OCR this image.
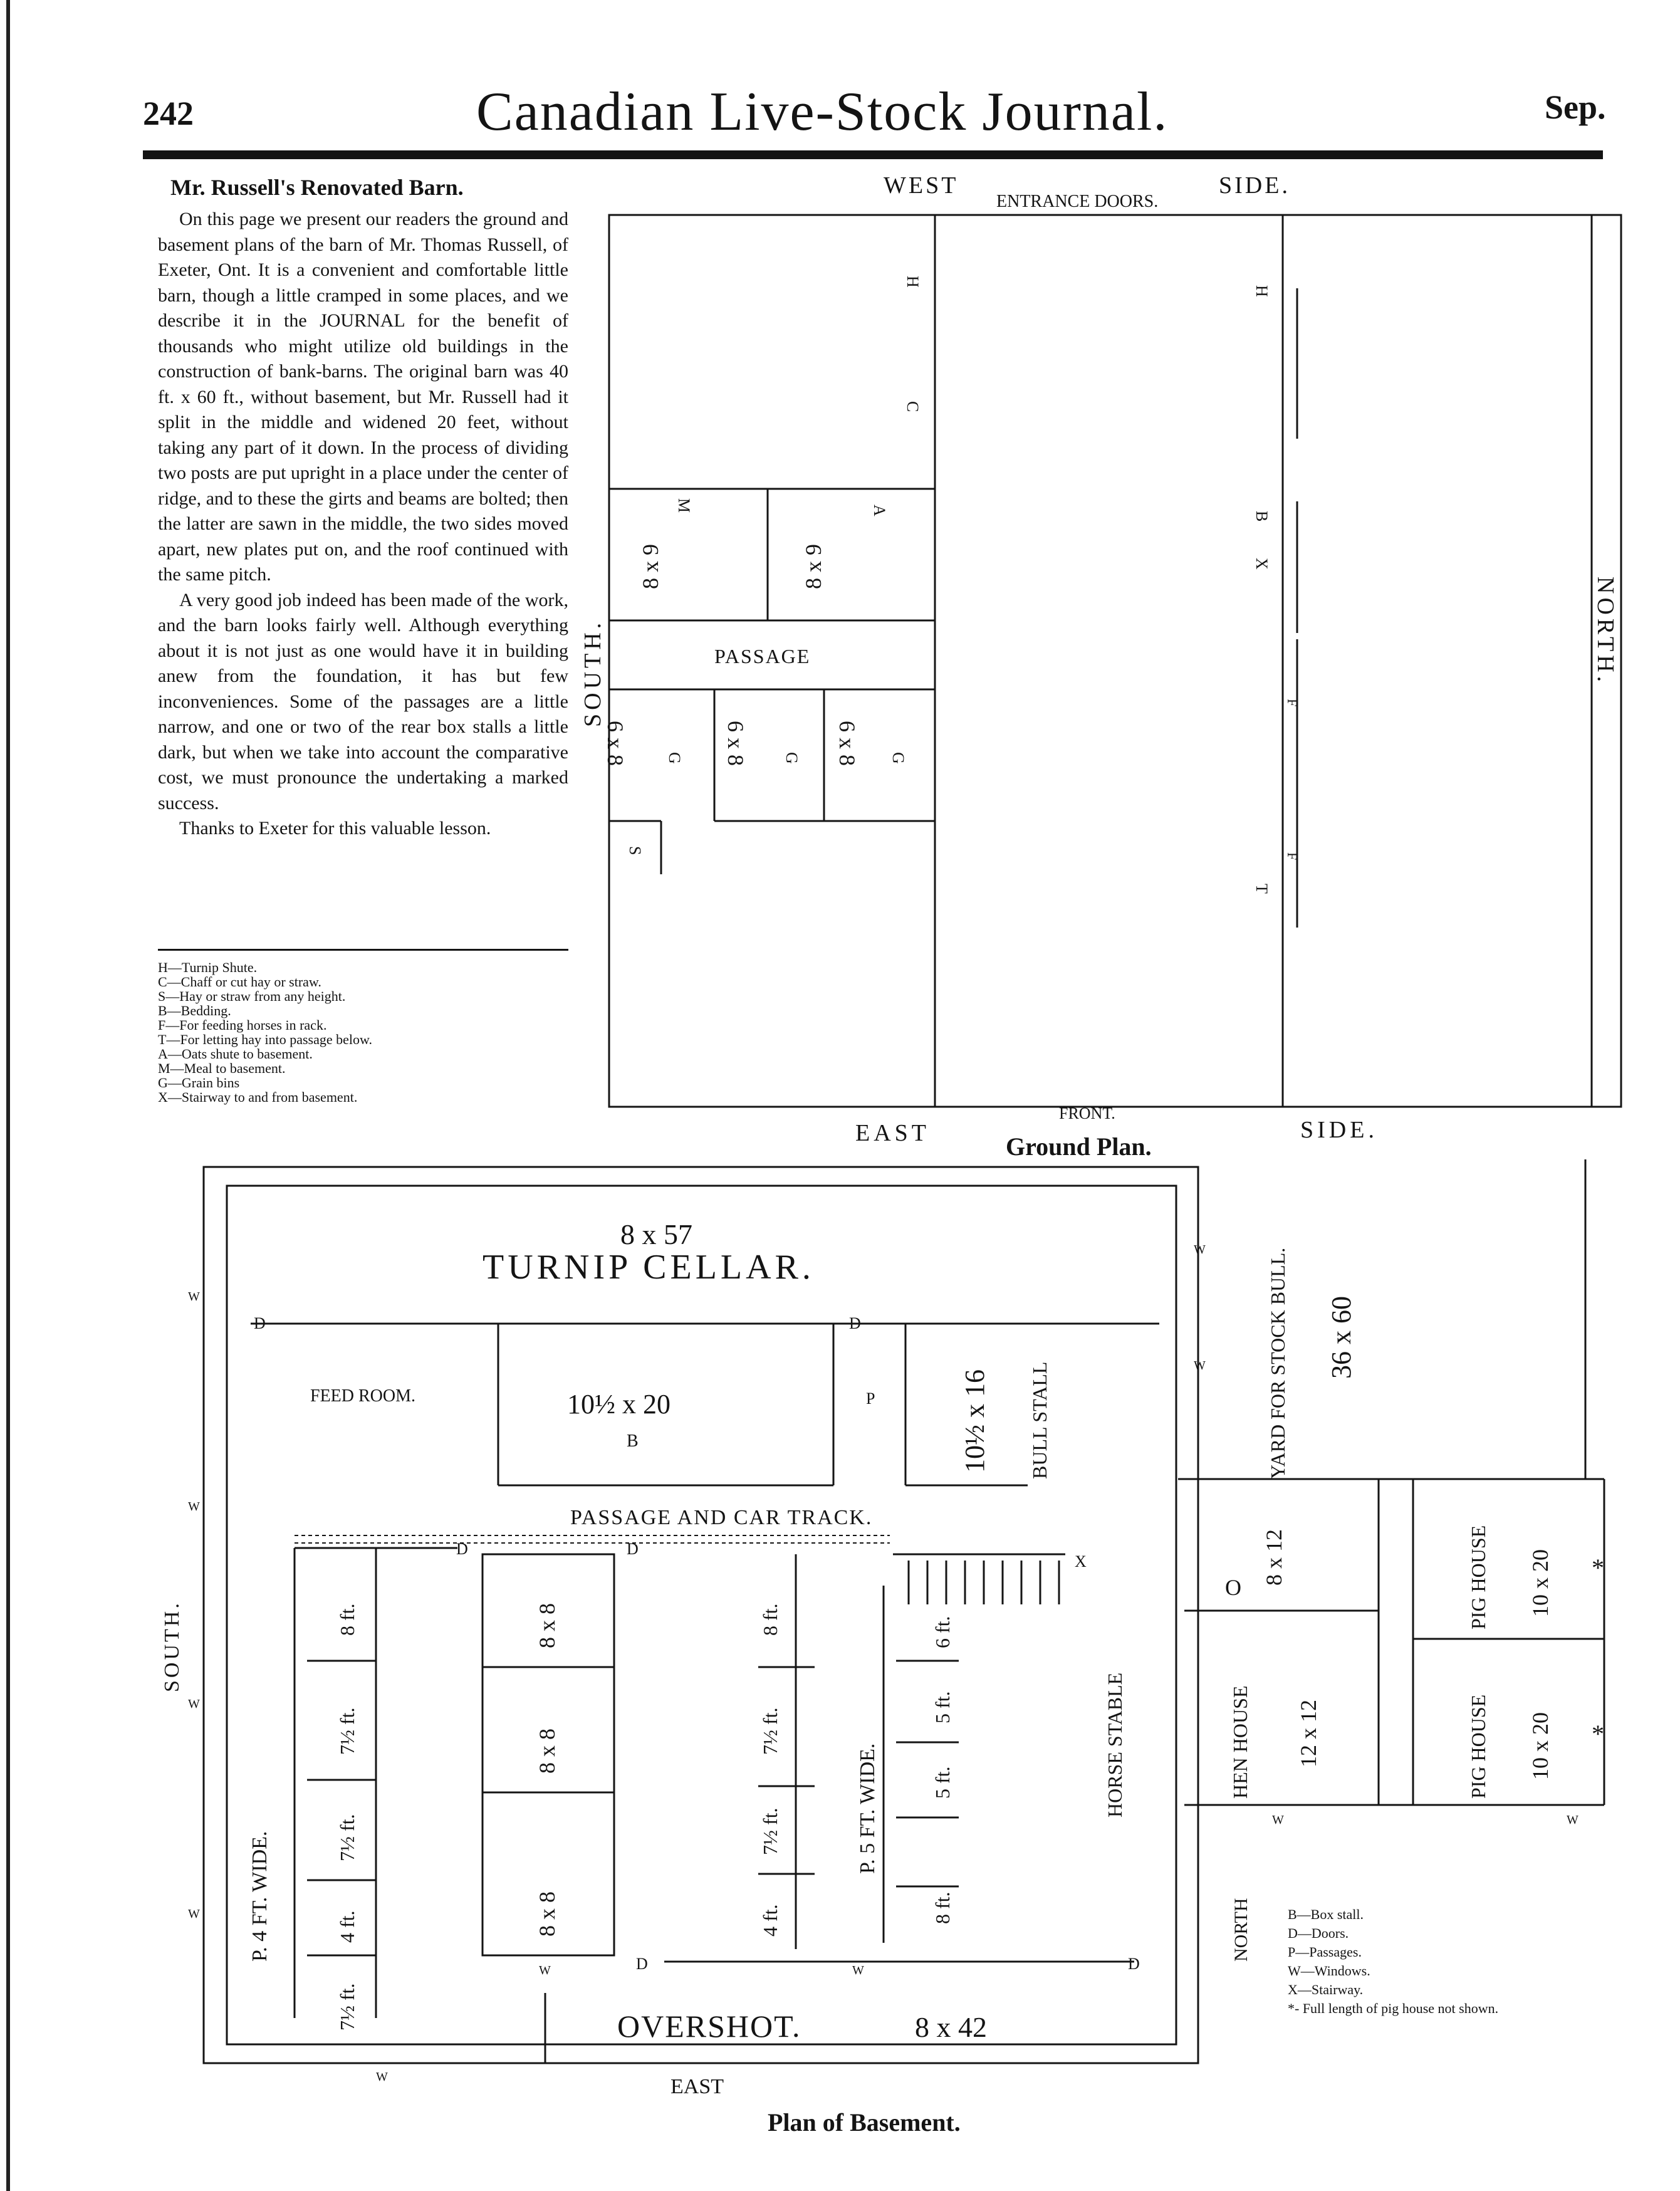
242	Canadian Live-Stock Journal.	Sep.
Mr. Russell's Renovated Barn.

On this page we present our readers the ground and basement plans of the barn of Mr. Thomas Russell, of Exeter, Ont. It is a convenient and comfortable little barn, though a little cramped in some places, and we describe it in the JOURNAL for the benefit of thousands who might utilize old buildings in the construction of bank-barns. The original barn was 40 ft. x 60 ft., without basement, but Mr. Russell had it split in the middle and widened 20 feet, without taking any part of it down. In the process of dividing two posts are put upright in a place under the center of ridge, and to these the girts and beams are bolted; then the latter are sawn in the middle, the two sides moved apart, new plates put on, and the roof continued with the same pitch.

A very good job indeed has been made of the work, and the barn looks fairly well. Although everything about it is not just as one would have it in building anew from the foundation, it has but few inconveniences. Some of the passages are a little narrow, and one or two of the rear box stalls a little dark, but when we take into account the comparative cost, we must pronounce the undertaking a marked success.

Thanks to Exeter for this valuable lesson.

H—Turnip Shute.
C—Chaff or cut hay or straw.
S—Hay or straw from any height.
B—Bedding.
F—For feeding horses in rack.
T—For letting hay into passage below.
A—Oats shute to basement.
M—Meal to basement.
G—Grain bins
X—Stairway to and from basement.
WEST
ENTRANCE DOORS.
SIDE.
EAST
FRONT.
SIDE.
Ground Plan.
SOUTH.	NORTH.
PASSAGE
8 x 9	8 x 9
6 x 8	6 x 8	6 x 8
G	G	G
H
C
A
M
S
H
B
X
F
F
T
8 x 57
TURNIP CELLAR.
FEED ROOM.	10½ x 20
B	10½ x 16 BULL STALL	YARD FOR STOCK BULL. 36 x 60
PASSAGE AND CAR TRACK.
8 x 12
HEN HOUSE 12 x 12
PIG HOUSE 10 x 20
PIG HOUSE 10 x 20
HORSE STABLE
P. 4 FT. WIDE.
P. 5 FT. WIDE.
8 ft.
7½ ft.
7½ ft.
4 ft.
7½ ft.
8 x 8
8 x 8
8 x 8
8 ft.
7½ ft.
7½ ft.
4 ft.
6 ft.
5 ft.
5 ft.
8 ft.
OVERSHOT.	8 x 42
EAST
Plan of Basement.
SOUTH.
NORTH
D	D
D	D
D	D
P
X
O
*
*
W
W
W
W
W	W
W
W	W
W
W
B—Box stall.
D—Doors.
P—Passages.
W—Windows.
X—Stairway.
*- Full length of pig house not shown.
